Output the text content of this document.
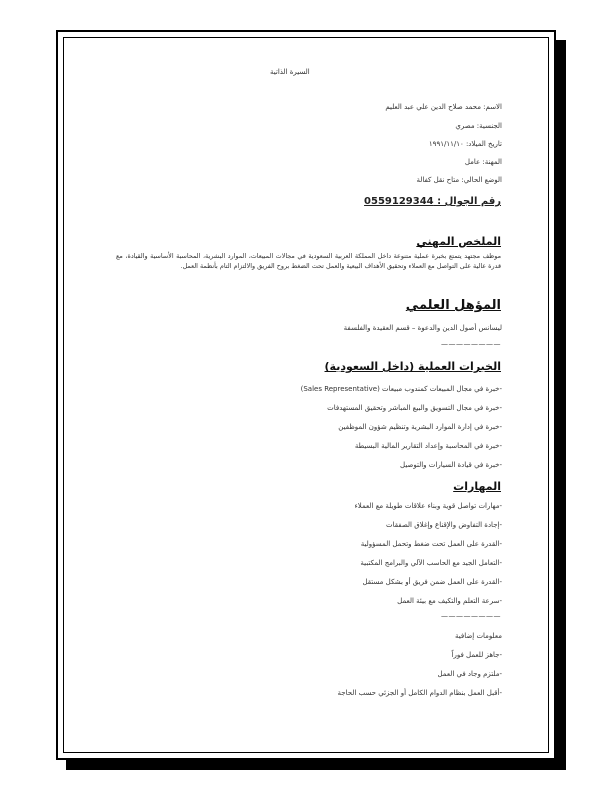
السيرة الذاتية
الاسم: محمد صلاح الدين علي عبد العليم
الجنسية: مصري
تاريخ الميلاد: ١٩٩١/١١/١٠
المهنة: عامل
الوضع الحالي: متاح نقل كفالة
رقم الجوال : 0559129344
الملخص المهني
موظف مجتهد يتمتع بخبرة عملية متنوعة داخل المملكة العربية السعودية في مجالات المبيعات، الموارد البشرية، المحاسبة الأساسية والقيادة، مع قدرة عالية على التواصل مع العملاء وتحقيق الأهداف البيعية والعمل تحت الضغط بروح الفريق والالتزام التام بأنظمة العمل.
المؤهل العلمي
ليسانس أصول الدين والدعوة – قسم العقيدة والفلسفة
————————
الخبرات العملية (داخل السعودية)
-خبرة في مجال المبيعات كمندوب مبيعات (Sales Representative)
-خبرة في مجال التسويق والبيع المباشر وتحقيق المستهدفات
-خبرة في إدارة الموارد البشرية وتنظيم شؤون الموظفين
-خبرة في المحاسبة وإعداد التقارير المالية البسيطة
-خبرة في قيادة السيارات والتوصيل
المهارات
-مهارات تواصل قوية وبناء علاقات طويلة مع العملاء
-إجادة التفاوض والإقناع وإغلاق الصفقات
-القدرة على العمل تحت ضغط وتحمل المسؤولية
-التعامل الجيد مع الحاسب الآلي والبرامج المكتبية
-القدرة على العمل ضمن فريق أو بشكل مستقل
-سرعة التعلم والتكيف مع بيئة العمل
————————
معلومات إضافية
-جاهز للعمل فوراً
-ملتزم وجاد في العمل
-أقبل العمل بنظام الدوام الكامل أو الجزئي حسب الحاجة
